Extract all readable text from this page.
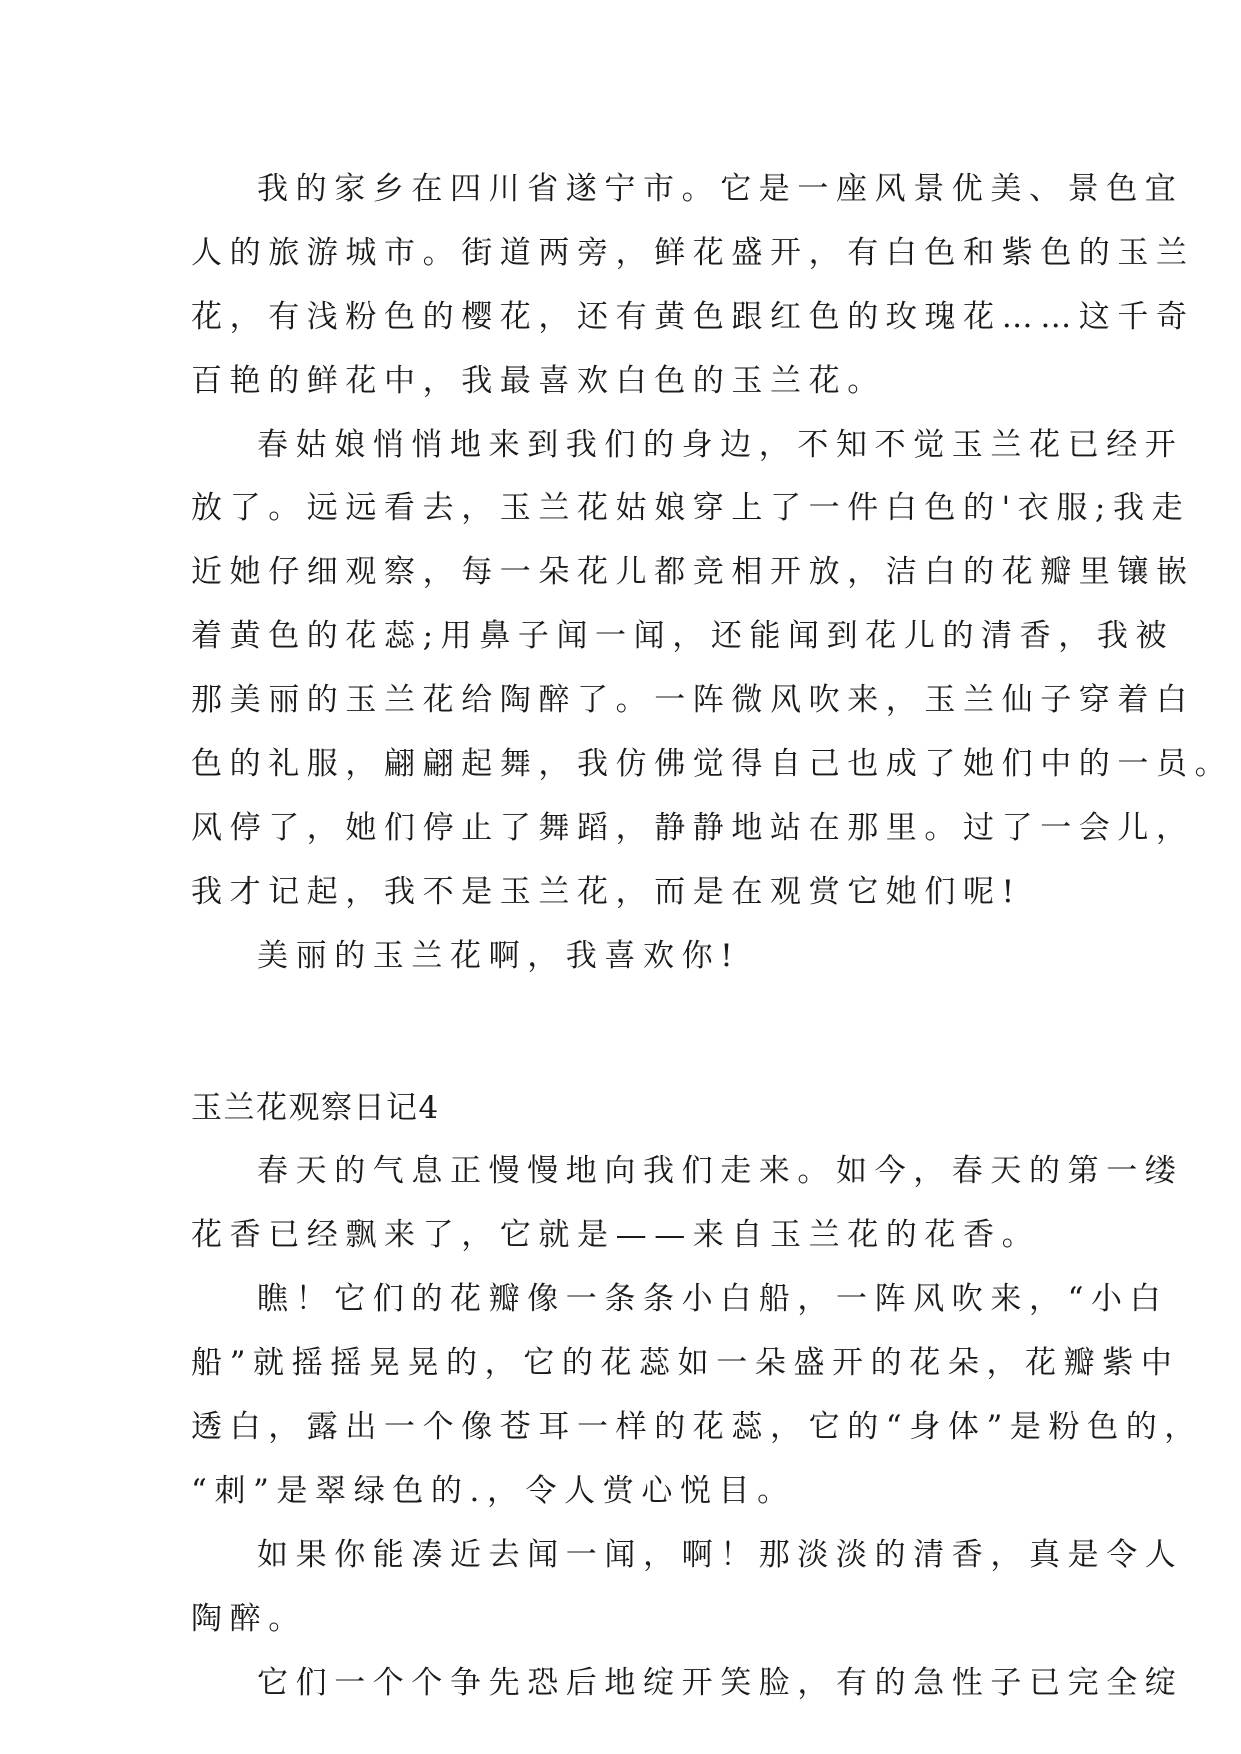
我的家乡在四川省遂宁市。它是一座风景优美、景色宜
人的旅游城市。街道两旁，鲜花盛开，有白色和紫色的玉兰
花，有浅粉色的樱花，还有黄色跟红色的玫瑰花……这千奇
百艳的鲜花中，我最喜欢白色的玉兰花。
春姑娘悄悄地来到我们的身边，不知不觉玉兰花已经开
放了。远远看去，玉兰花姑娘穿上了一件白色的'衣服;我走
近她仔细观察，每一朵花儿都竞相开放，洁白的花瓣里镶嵌
着黄色的花蕊;用鼻子闻一闻，还能闻到花儿的清香，我被
那美丽的玉兰花给陶醉了。一阵微风吹来，玉兰仙子穿着白
色的礼服，翩翩起舞，我仿佛觉得自己也成了她们中的一员。
风停了，她们停止了舞蹈，静静地站在那里。过了一会儿，
我才记起，我不是玉兰花，而是在观赏它她们呢!
美丽的玉兰花啊，我喜欢你!
玉兰花观察日记4
春天的气息正慢慢地向我们走来。如今，春天的第一缕
花香已经飘来了，它就是——来自玉兰花的花香。
瞧！它们的花瓣像一条条小白船，一阵风吹来，“小白
船”就摇摇晃晃的，它的花蕊如一朵盛开的花朵，花瓣紫中
透白，露出一个像苍耳一样的花蕊，它的“身体”是粉色的，
“刺”是翠绿色的.，令人赏心悦目。
如果你能凑近去闻一闻，啊！那淡淡的清香，真是令人
陶醉。
它们一个个争先恐后地绽开笑脸，有的急性子已完全绽
